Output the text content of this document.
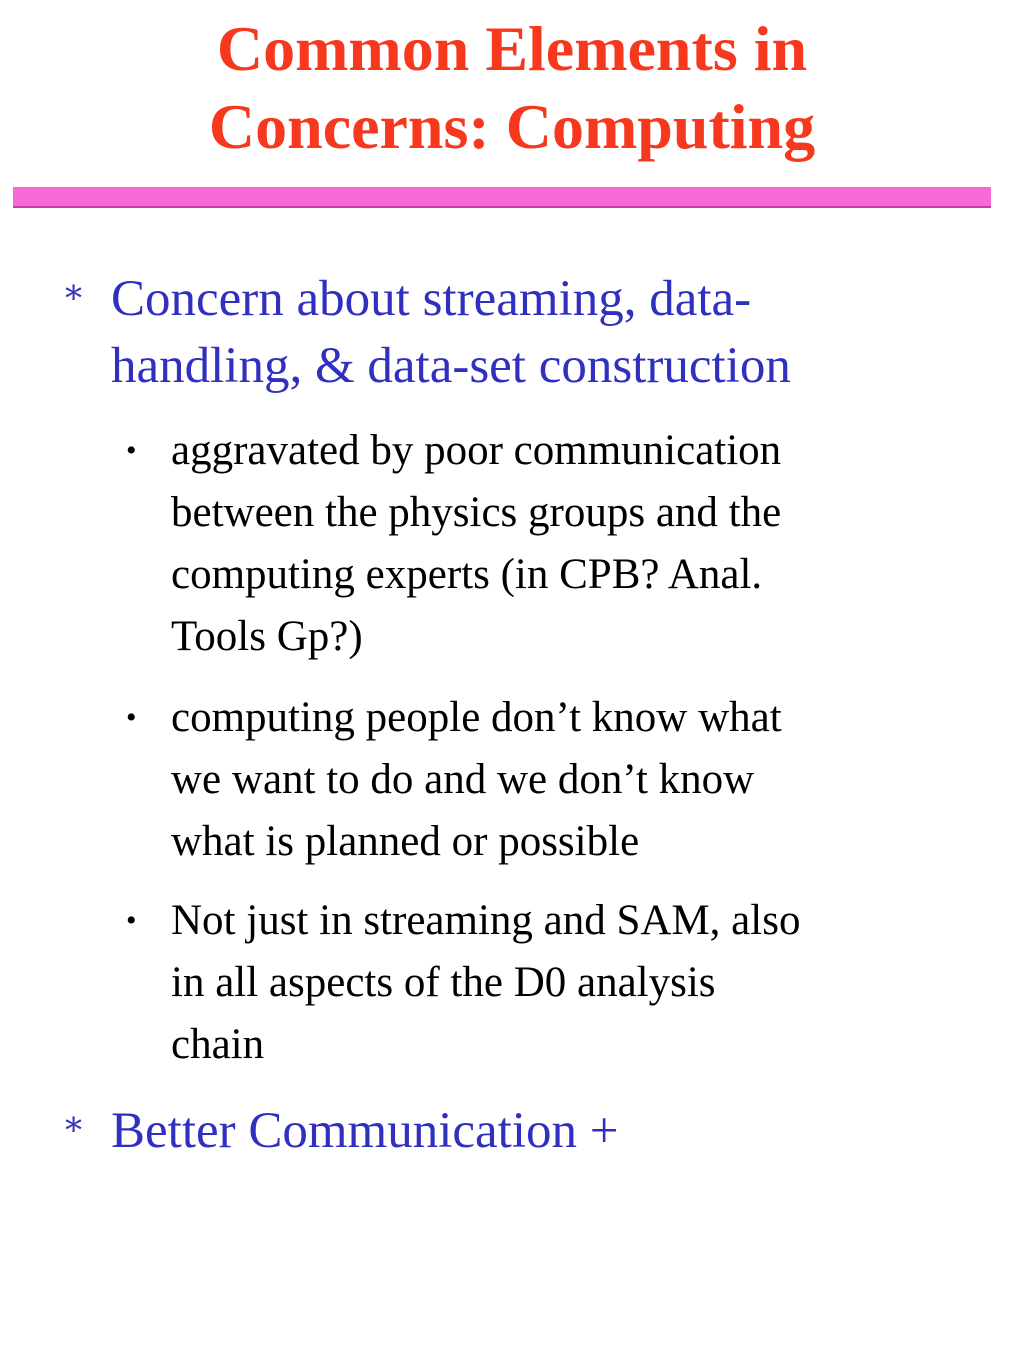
Common Elements in
Concerns: Computing
∗ Concern about streaming, data-
handling, & data-set construction
• aggravated by poor communication
between the physics groups and the
computing experts (in CPB? Anal.
Tools Gp?)
• computing people don’t know what
we want to do and we don’t know
what is planned or possible
• Not just in streaming and SAM, also
in all aspects of the D0 analysis
chain
∗ Better Communication +
